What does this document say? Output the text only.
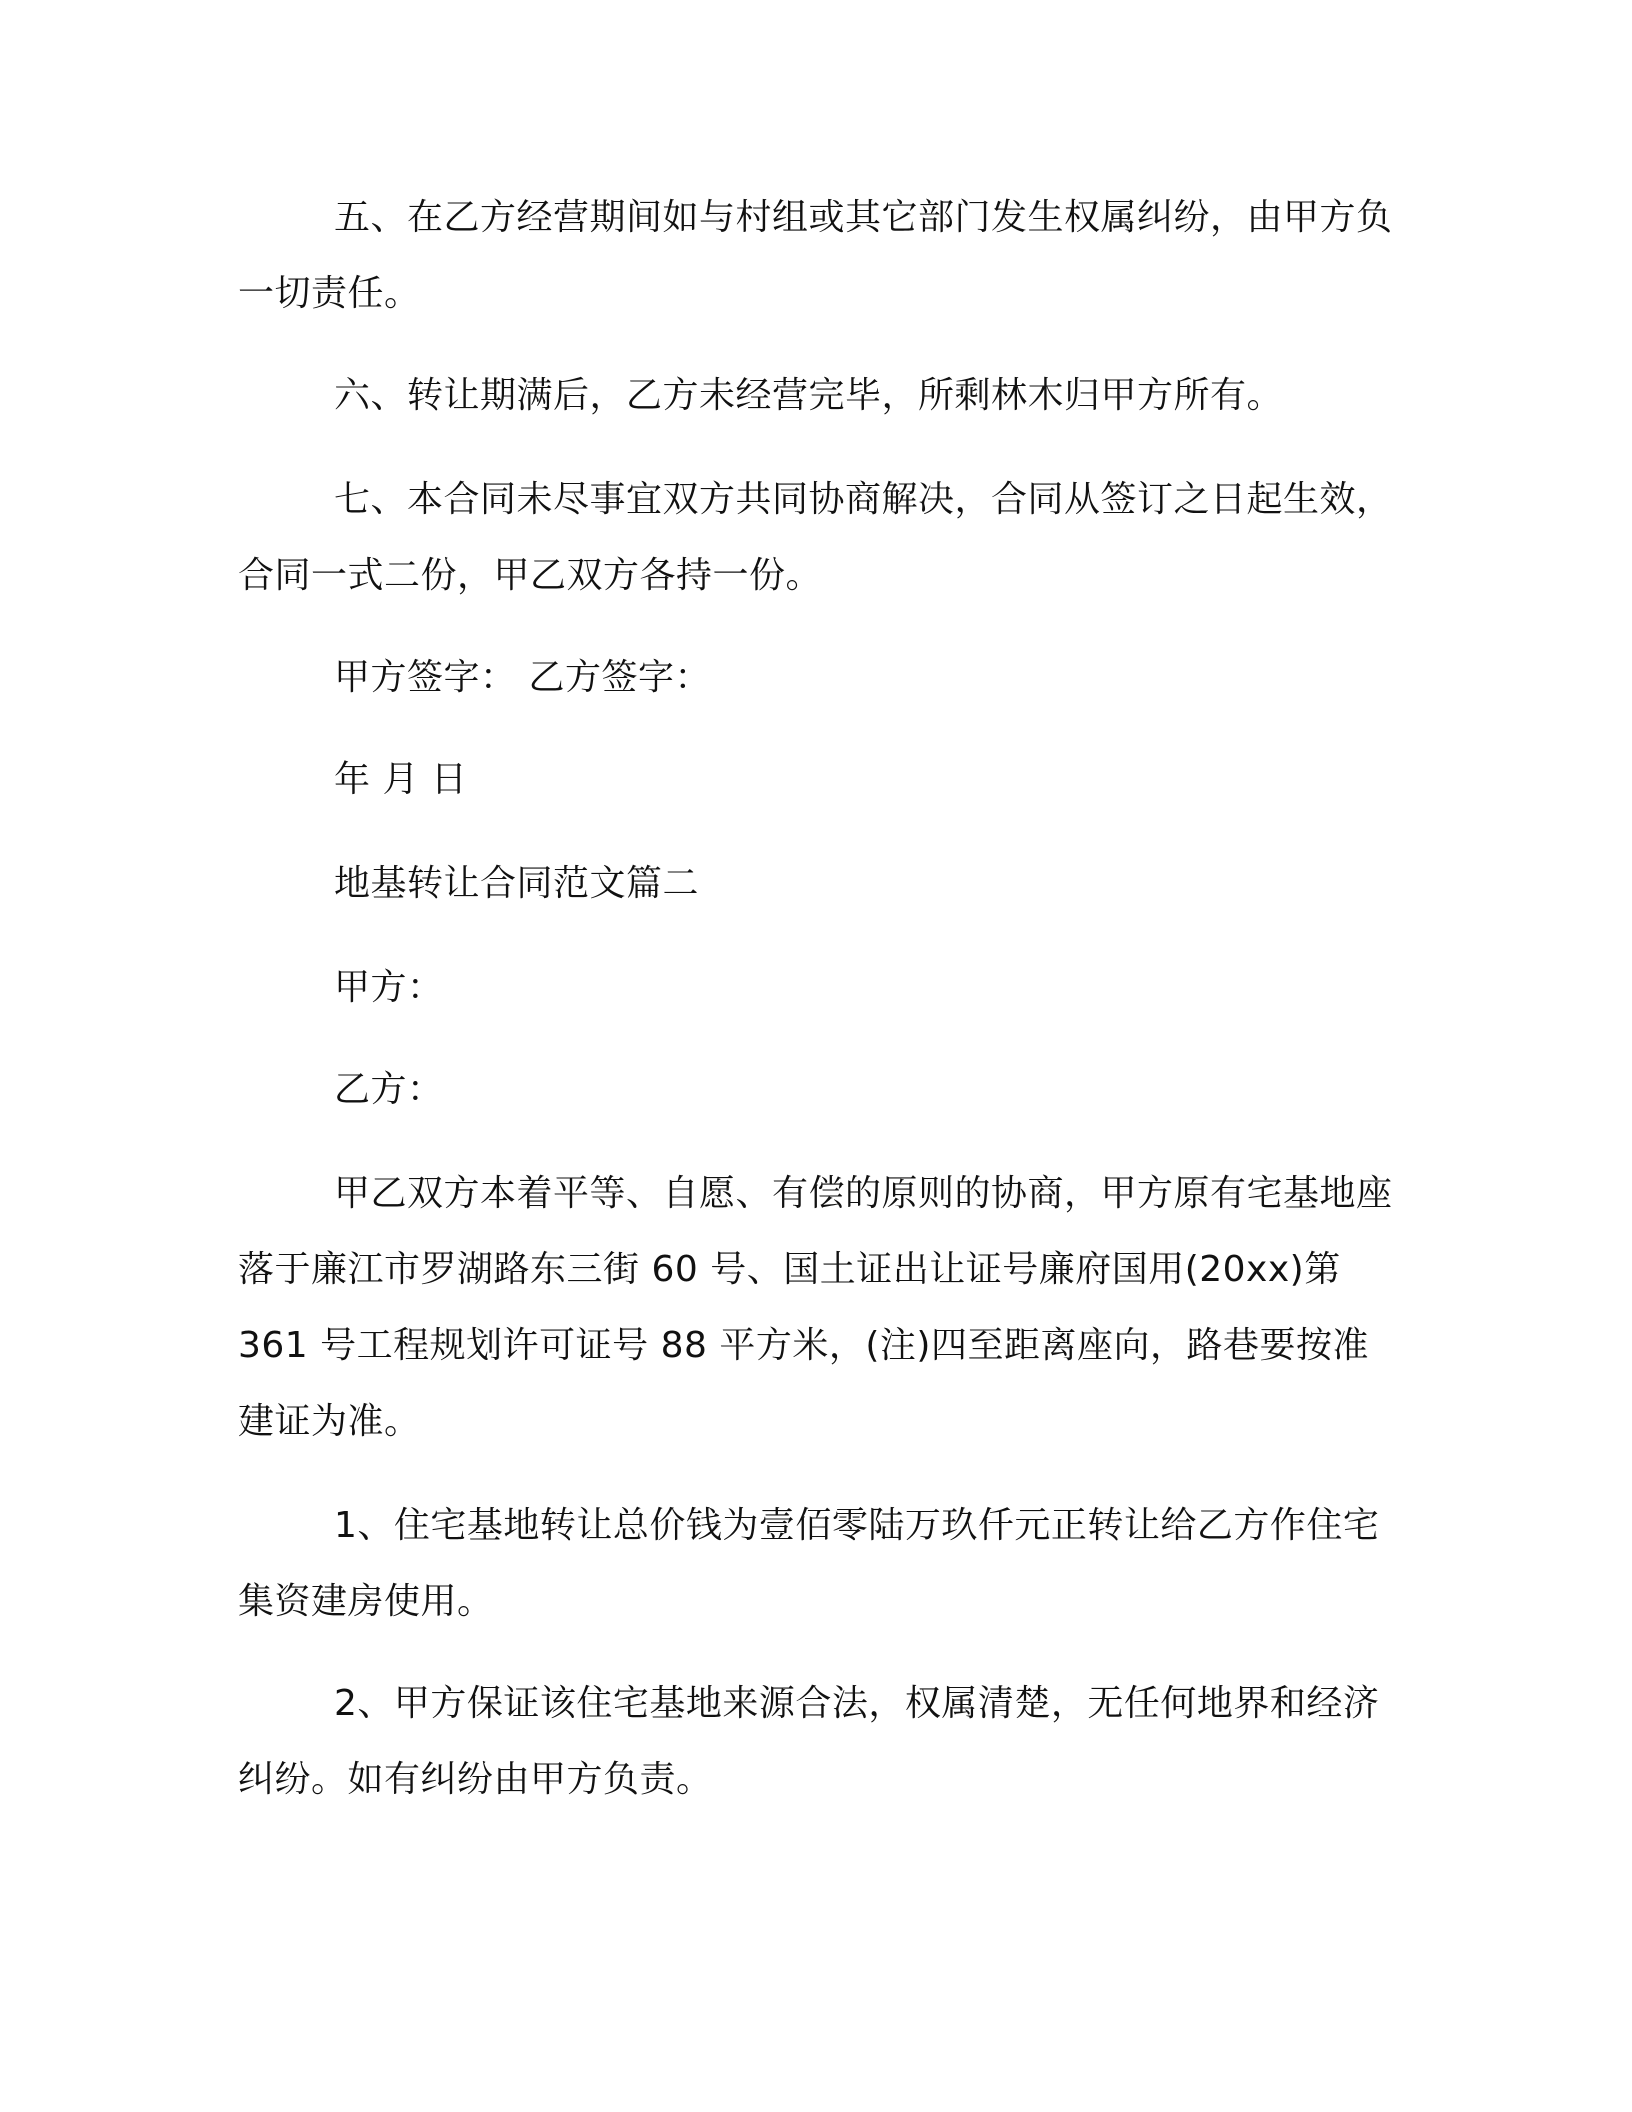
五、在乙方经营期间如与村组或其它部门发生权属纠纷，由甲方负一切责任。

六、转让期满后，乙方未经营完毕，所剩林木归甲方所有。

七、本合同未尽事宜双方共同协商解决，合同从签订之日起生效，合同一式二份，甲乙双方各持一份。

甲方签字： 乙方签字：

年 月 日

地基转让合同范文篇二

甲方：

乙方：

甲乙双方本着平等、自愿、有偿的原则的协商，甲方原有宅基地座落于廉江市罗湖路东三街 60 号、国土证出让证号廉府国用(20xx)第 361 号工程规划许可证号 88 平方米，(注)四至距离座向，路巷要按准建证为准。

1、住宅基地转让总价钱为壹佰零陆万玖仟元正转让给乙方作住宅集资建房使用。

2、甲方保证该住宅基地来源合法，权属清楚，无任何地界和经济纠纷。如有纠纷由甲方负责。
